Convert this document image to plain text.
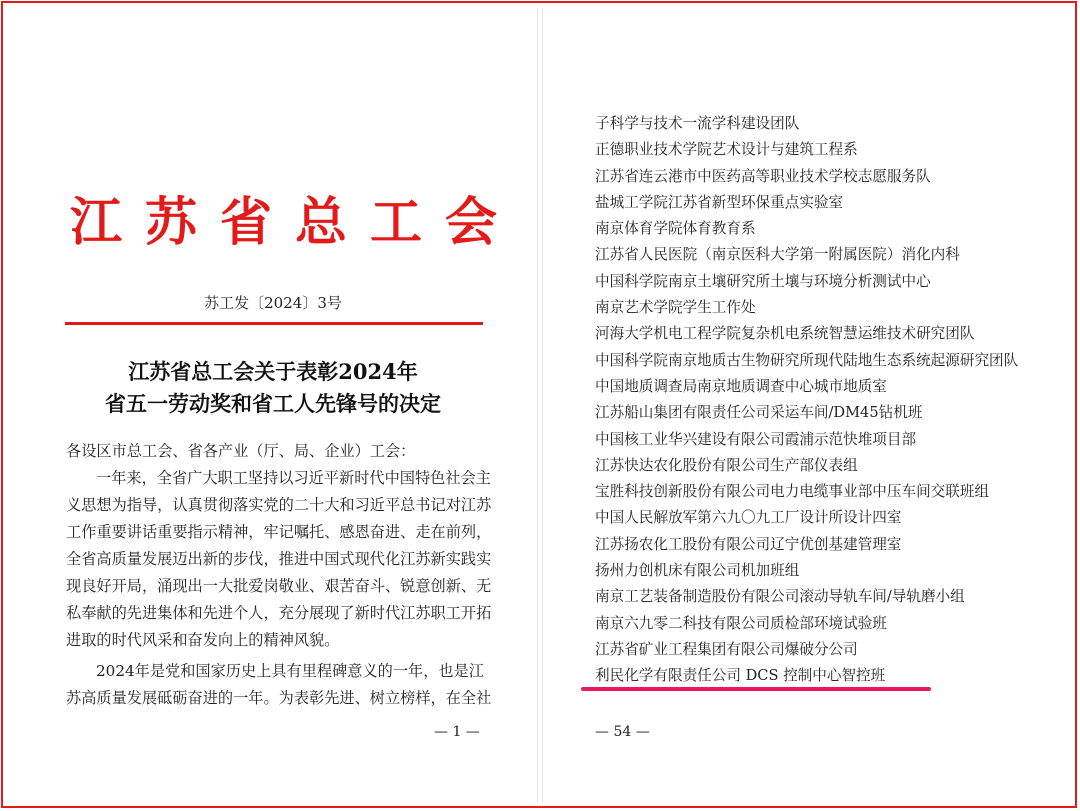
江苏省总工会
苏工发〔2024〕3号
江苏省总工会关于表彰2024年
省五一劳动奖和省工人先锋号的决定
各设区市总工会、省各产业（厅、局、企业）工会：
一年来，全省广大职工坚持以习近平新时代中国特色社会主
义思想为指导，认真贯彻落实党的二十大和习近平总书记对江苏
工作重要讲话重要指示精神，牢记嘱托、感恩奋进、走在前列，
全省高质量发展迈出新的步伐，推进中国式现代化江苏新实践实
现良好开局，涌现出一大批爱岗敬业、艰苦奋斗、锐意创新、无
私奉献的先进集体和先进个人，充分展现了新时代江苏职工开拓
进取的时代风采和奋发向上的精神风貌。
2024年是党和国家历史上具有里程碑意义的一年，也是江
苏高质量发展砥砺奋进的一年。为表彰先进、树立榜样，在全社
— 1 —
子科学与技术一流学科建设团队
正德职业技术学院艺术设计与建筑工程系
江苏省连云港市中医药高等职业技术学校志愿服务队
盐城工学院江苏省新型环保重点实验室
南京体育学院体育教育系
江苏省人民医院（南京医科大学第一附属医院）消化内科
中国科学院南京土壤研究所土壤与环境分析测试中心
南京艺术学院学生工作处
河海大学机电工程学院复杂机电系统智慧运维技术研究团队
中国科学院南京地质古生物研究所现代陆地生态系统起源研究团队
中国地质调查局南京地质调查中心城市地质室
江苏船山集团有限责任公司采运车间/DM45钻机班
中国核工业华兴建设有限公司霞浦示范快堆项目部
江苏快达农化股份有限公司生产部仪表组
宝胜科技创新股份有限公司电力电缆事业部中压车间交联班组
中国人民解放军第六九〇九工厂设计所设计四室
江苏扬农化工股份有限公司辽宁优创基建管理室
扬州力创机床有限公司机加班组
南京工艺装备制造股份有限公司滚动导轨车间/导轨磨小组
南京六九零二科技有限公司质检部环境试验班
江苏省矿业工程集团有限公司爆破分公司
利民化学有限责任公司 DCS 控制中心智控班
— 54 —
